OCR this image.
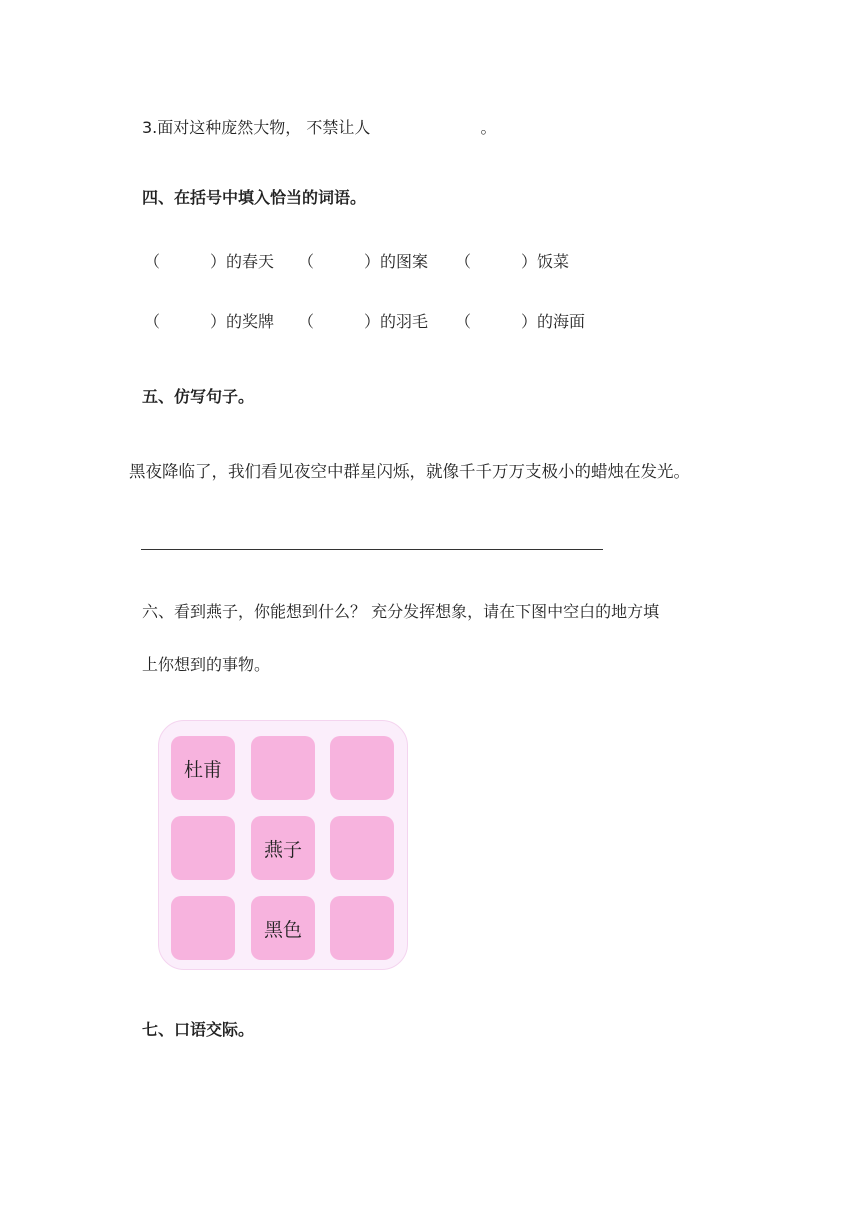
3.面对这种庞然大物， 不禁让人	。
四、在括号中填入恰当的词语。
（	）的春天 （	）的图案 （	）饭菜
（	）的奖牌 （	）的羽毛 （	）的海面
五、仿写句子。
黑夜降临了，我们看见夜空中群星闪烁，就像千千万万支极小的蜡烛在发光。
六、看到燕子，你能想到什么？ 充分发挥想象，请在下图中空白的地方填
上你想到的事物。
杜甫
燕子
黑色
七、口语交际。
